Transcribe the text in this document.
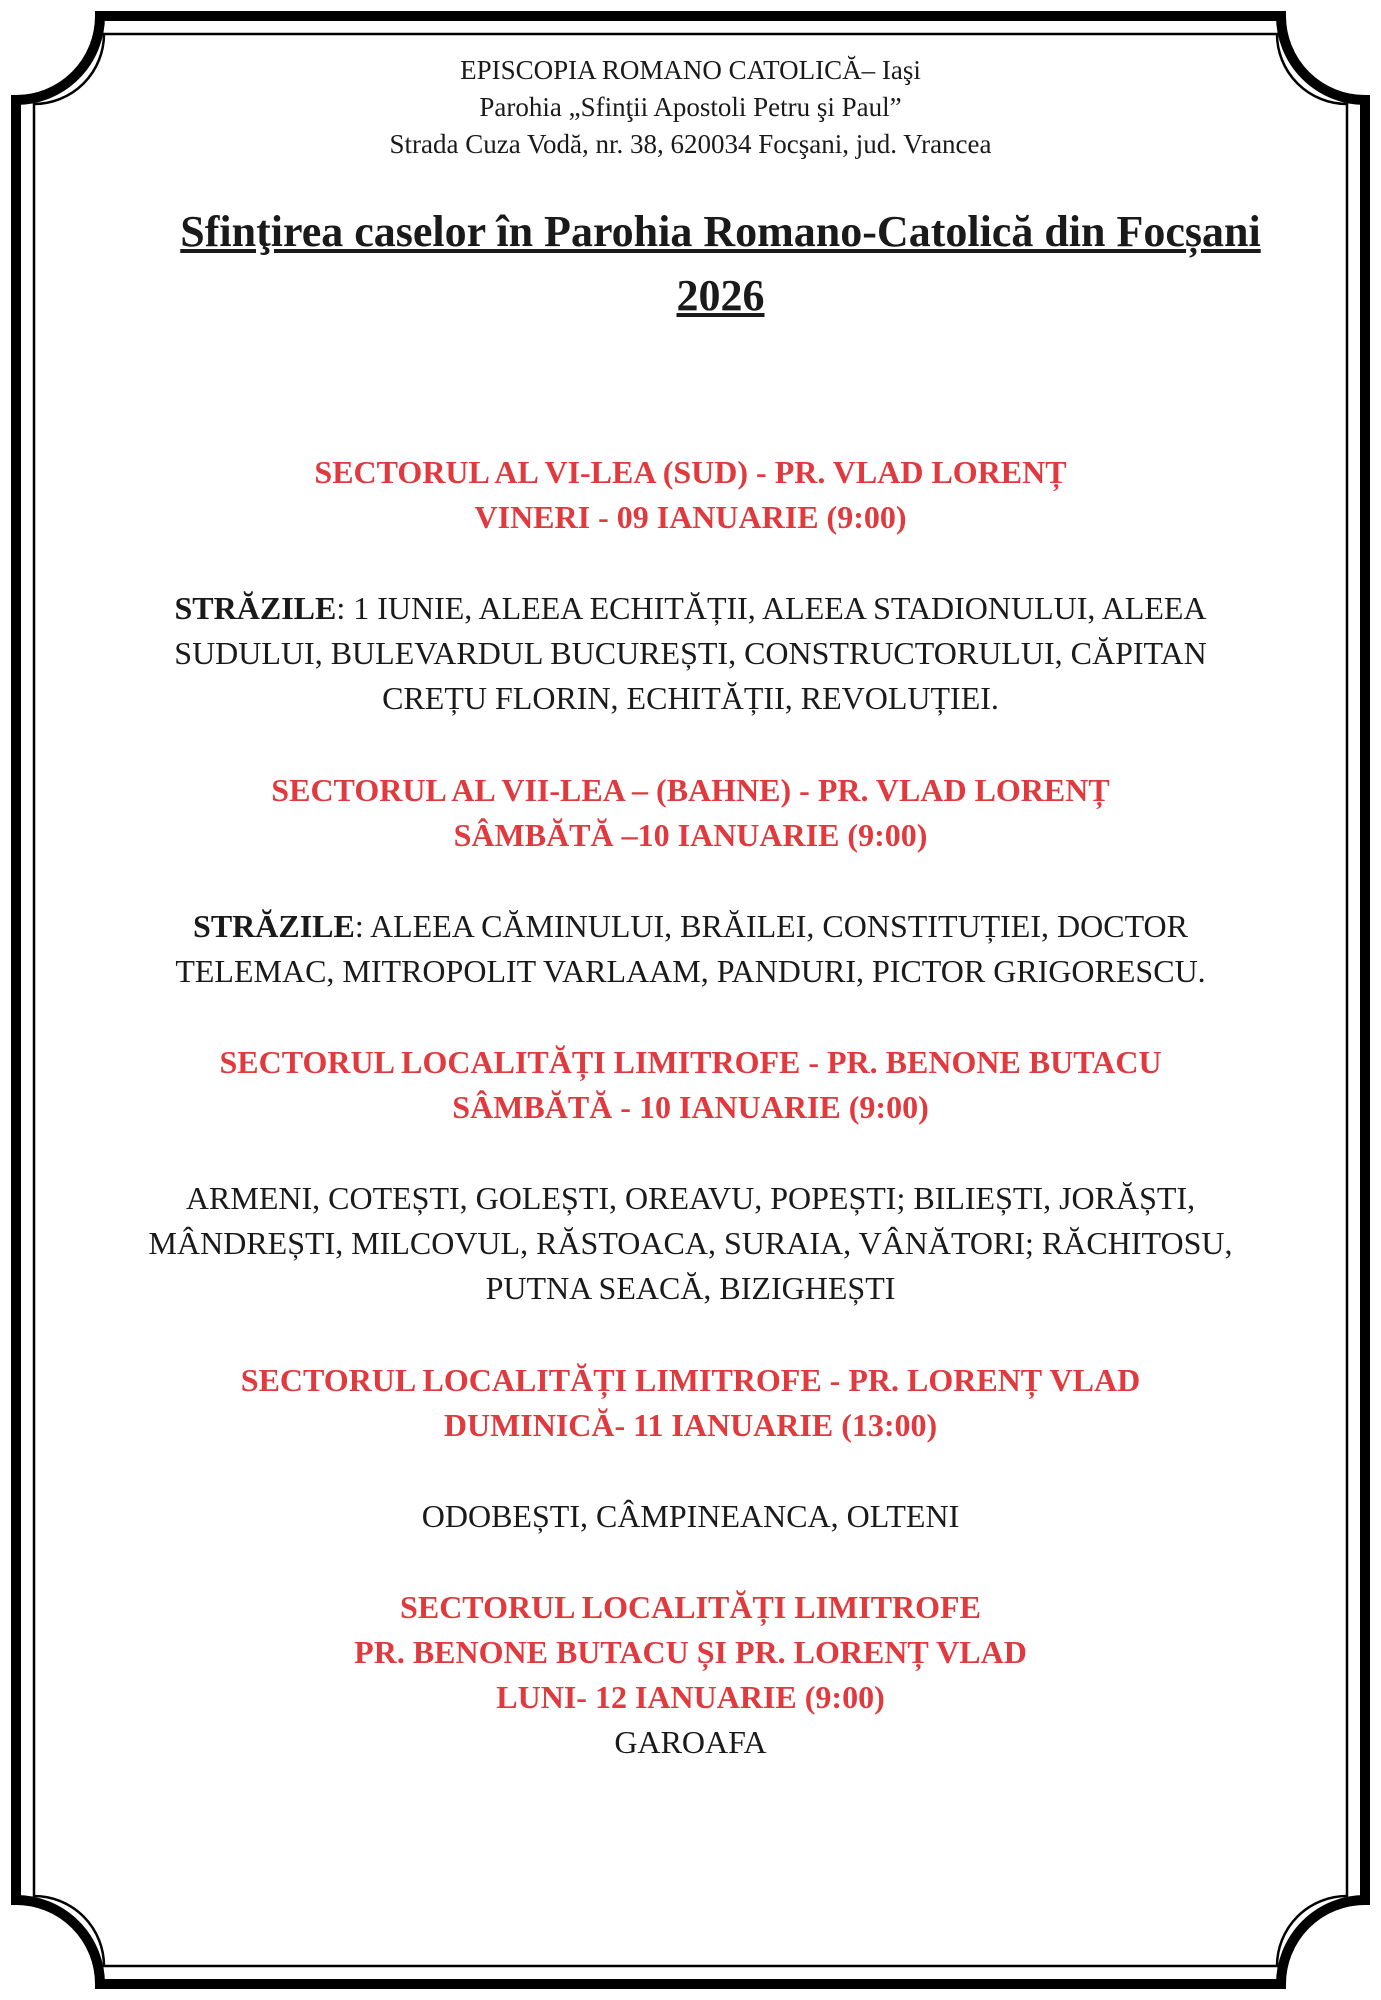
EPISCOPIA ROMANO CATOLICĂ– Iaşi
Parohia „Sfinţii Apostoli Petru şi Paul”
Strada Cuza Vodă, nr. 38, 620034 Focşani, jud. Vrancea
Sfinţirea caselor în Parohia Romano-Catolică din Focșani
2026
SECTORUL AL VI-LEA (SUD) - PR. VLAD LORENȚ
VINERI - 09 IANUARIE (9:00)
STRĂZILE: 1 IUNIE, ALEEA ECHITĂȚII, ALEEA STADIONULUI, ALEEA
SUDULUI, BULEVARDUL BUCUREȘTI, CONSTRUCTORULUI, CĂPITAN
CREȚU FLORIN, ECHITĂȚII, REVOLUȚIEI.
SECTORUL AL VII-LEA – (BAHNE) - PR. VLAD LORENȚ
SÂMBĂTĂ –10 IANUARIE (9:00)
STRĂZILE: ALEEA CĂMINULUI, BRĂILEI, CONSTITUȚIEI, DOCTOR
TELEMAC, MITROPOLIT VARLAAM, PANDURI, PICTOR GRIGORESCU.
SECTORUL LOCALITĂȚI LIMITROFE - PR. BENONE BUTACU
SÂMBĂTĂ - 10 IANUARIE (9:00)
ARMENI, COTEȘTI, GOLEȘTI, OREAVU, POPEȘTI; BILIEȘTI, JORĂȘTI,
MÂNDREȘTI, MILCOVUL, RĂSTOACA, SURAIA, VÂNĂTORI; RĂCHITOSU,
PUTNA SEACĂ, BIZIGHEȘTI
SECTORUL LOCALITĂȚI LIMITROFE - PR. LORENȚ VLAD
DUMINICĂ- 11 IANUARIE (13:00)
ODOBEȘTI, CÂMPINEANCA, OLTENI
SECTORUL LOCALITĂȚI LIMITROFE
PR. BENONE BUTACU ȘI PR. LORENȚ VLAD
LUNI- 12 IANUARIE (9:00)
GAROAFA
